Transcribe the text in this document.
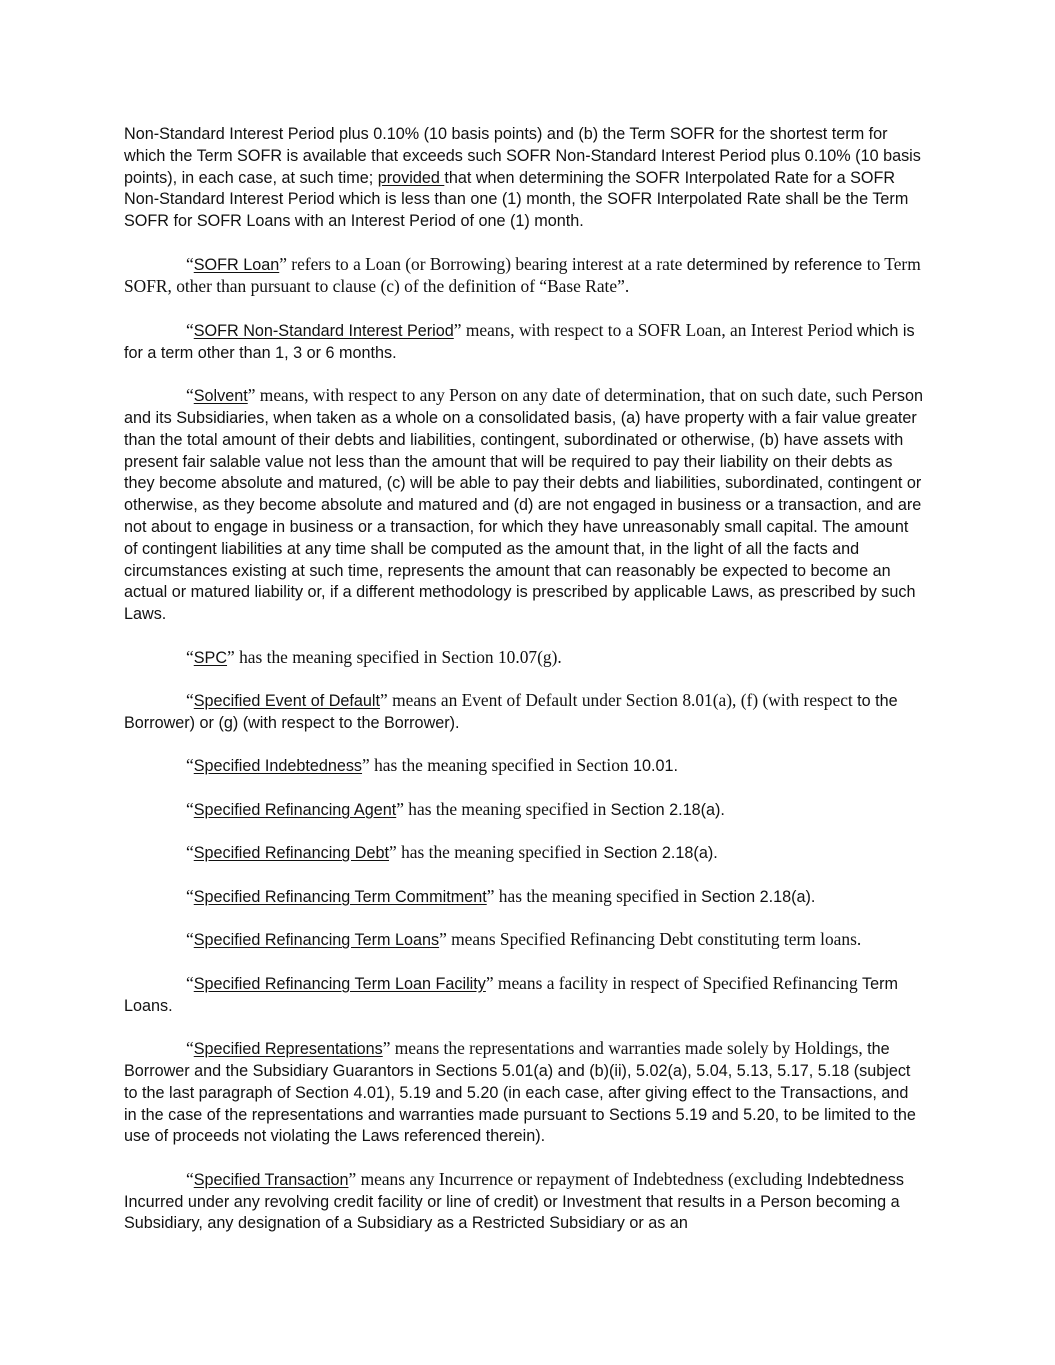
Non-Standard Interest Period plus 0.10% (10 basis points) and (b) the Term SOFR for the shortest term for which the Term SOFR is available that exceeds such SOFR Non-Standard Interest Period plus 0.10% (10 basis points), in each case, at such time; provided that when determining the SOFR Interpolated Rate for a SOFR Non-Standard Interest Period which is less than one (1) month, the SOFR Interpolated Rate shall be the Term SOFR for SOFR Loans with an Interest Period of one (1) month.

“SOFR Loan” refers to a Loan (or Borrowing) bearing interest at a rate determined by reference to Term SOFR, other than pursuant to clause (c) of the definition of “Base Rate”.

“SOFR Non-Standard Interest Period” means, with respect to a SOFR Loan, an Interest Period which is for a term other than 1, 3 or 6 months.

“Solvent” means, with respect to any Person on any date of determination, that on such date, such Person and its Subsidiaries, when taken as a whole on a consolidated basis, (a) have property with a fair value greater than the total amount of their debts and liabilities, contingent, subordinated or otherwise, (b) have assets with present fair salable value not less than the amount that will be required to pay their liability on their debts as they become absolute and matured, (c) will be able to pay their debts and liabilities, subordinated, contingent or otherwise, as they become absolute and matured and (d) are not engaged in business or a transaction, and are not about to engage in business or a transaction, for which they have unreasonably small capital. The amount of contingent liabilities at any time shall be computed as the amount that, in the light of all the facts and circumstances existing at such time, represents the amount that can reasonably be expected to become an actual or matured liability or, if a different methodology is prescribed by applicable Laws, as prescribed by such Laws.

“SPC” has the meaning specified in Section 10.07(g).

“Specified Event of Default” means an Event of Default under Section 8.01(a), (f) (with respect to the Borrower) or (g) (with respect to the Borrower).

“Specified Indebtedness” has the meaning specified in Section 10.01.

“Specified Refinancing Agent” has the meaning specified in Section 2.18(a).

“Specified Refinancing Debt” has the meaning specified in Section 2.18(a).

“Specified Refinancing Term Commitment” has the meaning specified in Section 2.18(a).

“Specified Refinancing Term Loans” means Specified Refinancing Debt constituting term loans.

“Specified Refinancing Term Loan Facility” means a facility in respect of Specified Refinancing Term Loans.

“Specified Representations” means the representations and warranties made solely by Holdings, the Borrower and the Subsidiary Guarantors in Sections 5.01(a) and (b)(ii), 5.02(a), 5.04, 5.13, 5.17, 5.18 (subject to the last paragraph of Section 4.01), 5.19 and 5.20 (in each case, after giving effect to the Transactions, and in the case of the representations and warranties made pursuant to Sections 5.19 and 5.20, to be limited to the use of proceeds not violating the Laws referenced therein).

“Specified Transaction” means any Incurrence or repayment of Indebtedness (excluding Indebtedness Incurred under any revolving credit facility or line of credit) or Investment that results in a Person becoming a Subsidiary, any designation of a Subsidiary as a Restricted Subsidiary or as an
